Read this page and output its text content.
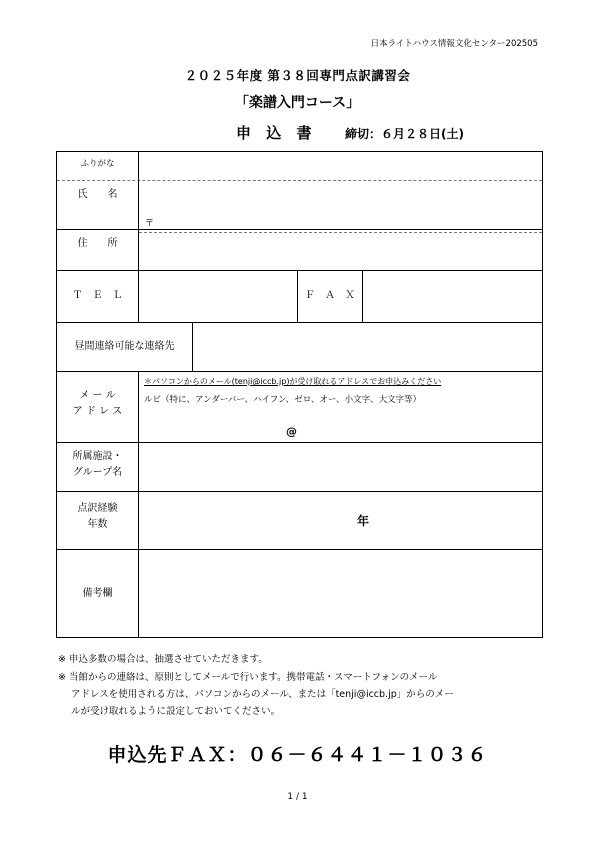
日本ライトハウス情報文化センター202505
２０２５年度 第３８回専門点訳講習会
「楽譜入門コース」
申 込 書 締切：６月２８日(土)
ふりがな
氏　　名
〒
住　　所
Ｔ　Ｅ　Ｌ	Ｆ　Ａ　Ｘ
昼間連絡可能な連絡先
メ ー ル
ア ド レ ス
＊パソコンからのメール(tenji@iccb.jp)が受け取れるアドレスでお申込みください
ルビ（特に、アンダーバー、ハイフン、ゼロ、オー、小文字、大文字等）
@
所属施設・
グループ名
点訳経験
年数	年
備考欄
※ 申込多数の場合は、抽選させていただきます。
※ 当館からの連絡は、原則としてメールで行います。携帯電話・スマートフォンのメール
アドレスを使用される方は、パソコンからのメール、または「tenji@iccb.jp」からのメー
ルが受け取れるように設定しておいてください。
申込先ＦＡＸ：０６－６４４１－１０３６
1 / 1
